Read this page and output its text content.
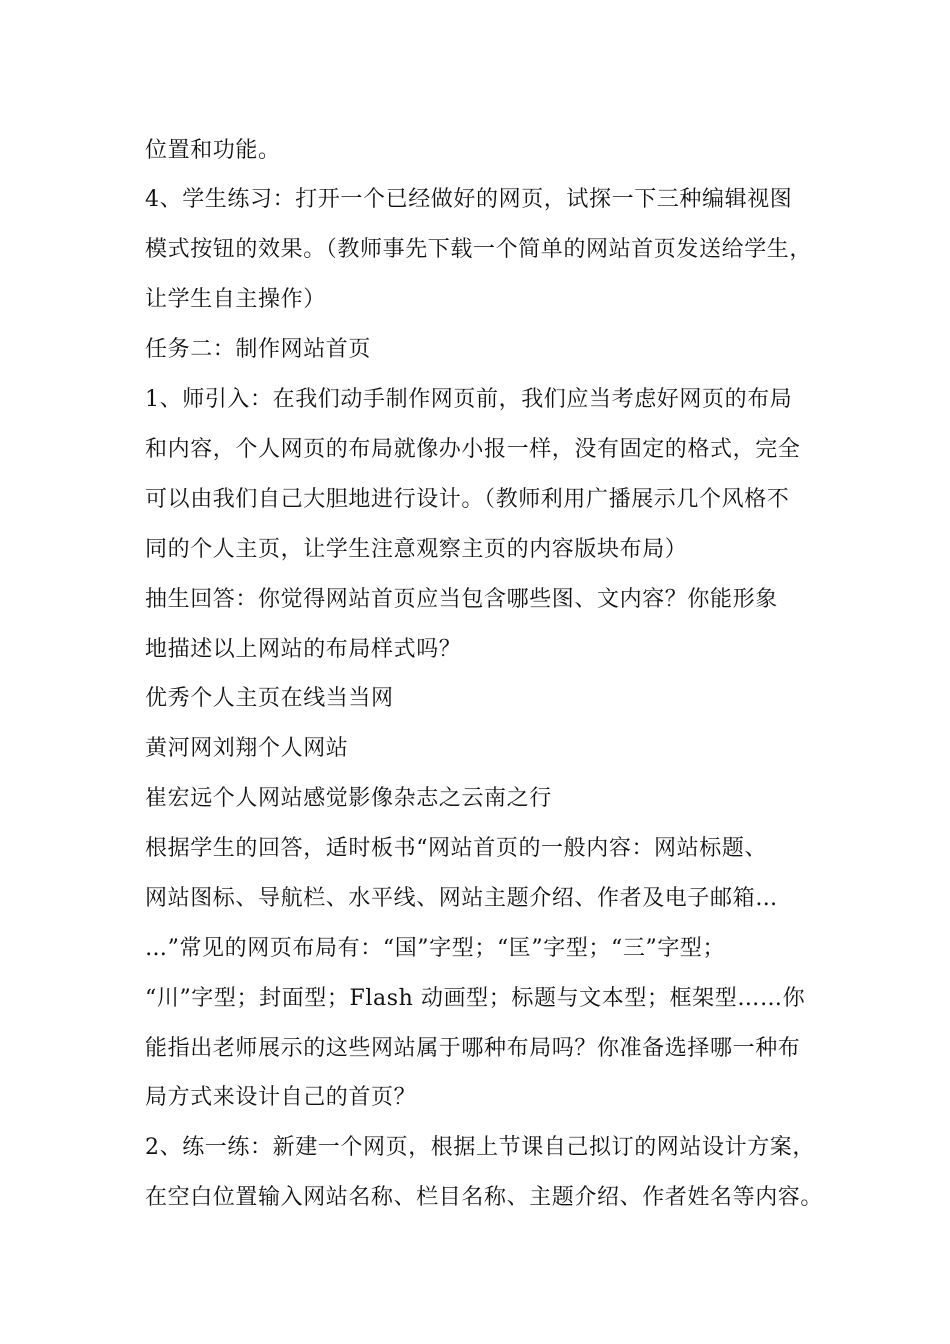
位置和功能。
4、学生练习：打开一个已经做好的网页，试探一下三种编辑视图
模式按钮的效果。（教师事先下载一个简单的网站首页发送给学生，
让学生自主操作）
任务二：制作网站首页
1、师引入：在我们动手制作网页前，我们应当考虑好网页的布局
和内容，个人网页的布局就像办小报一样，没有固定的格式，完全
可以由我们自己大胆地进行设计。（教师利用广播展示几个风格不
同的个人主页，让学生注意观察主页的内容版块布局）
抽生回答：你觉得网站首页应当包含哪些图、文内容？你能形象
地描述以上网站的布局样式吗？
优秀个人主页在线当当网
黄河网刘翔个人网站
崔宏远个人网站感觉影像杂志之云南之行
根据学生的回答，适时板书“网站首页的一般内容：网站标题、
网站图标、导航栏、水平线、网站主题介绍、作者及电子邮箱…
…”常见的网页布局有：“国”字型；“匡”字型；“三”字型；
“川”字型；封面型；Flash 动画型；标题与文本型；框架型……你
能指出老师展示的这些网站属于哪种布局吗？你准备选择哪一种布
局方式来设计自己的首页？
2、练一练：新建一个网页，根据上节课自己拟订的网站设计方案，
在空白位置输入网站名称、栏目名称、主题介绍、作者姓名等内容。
